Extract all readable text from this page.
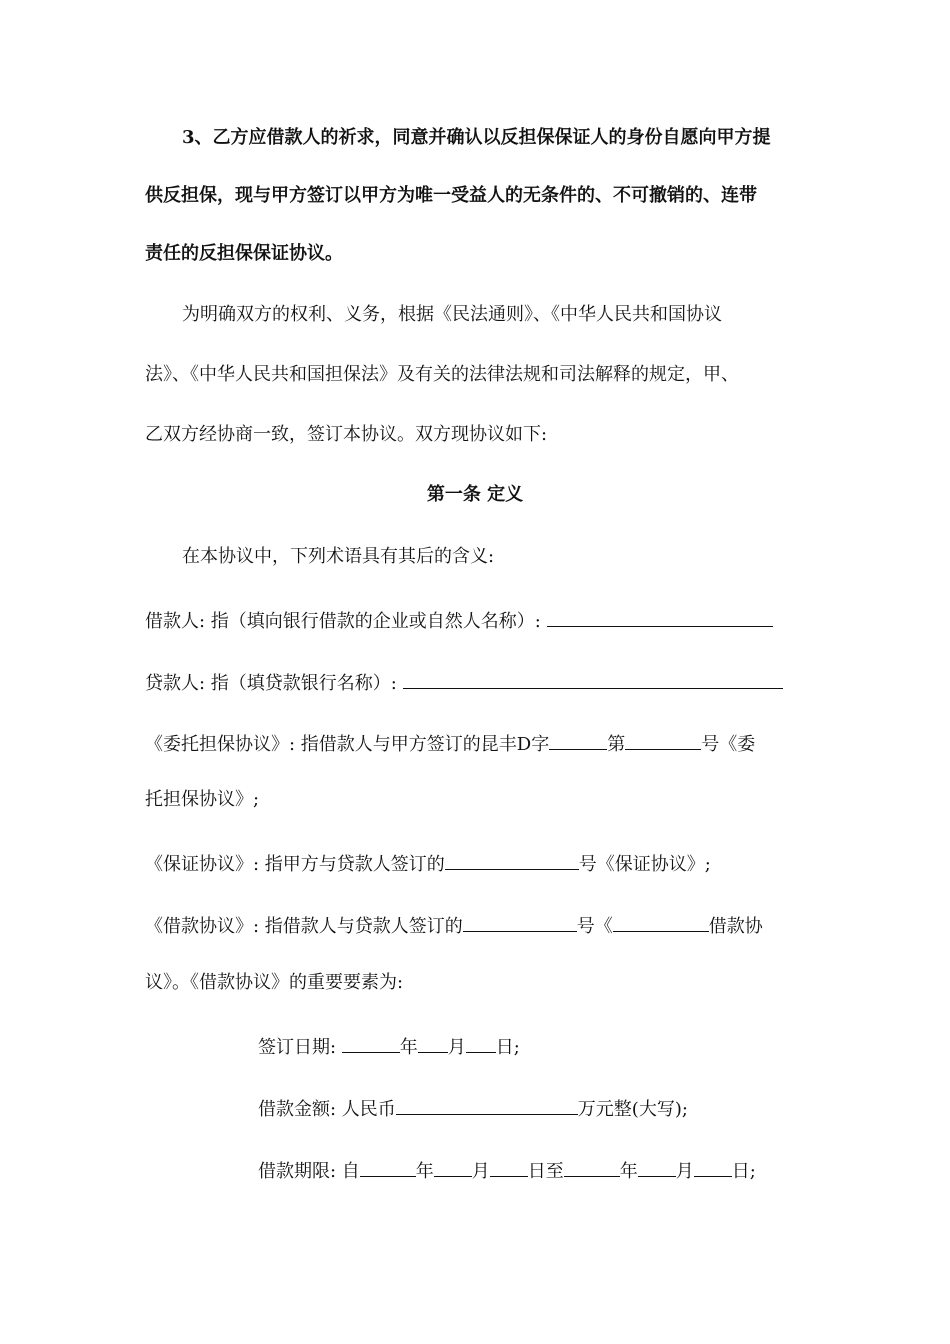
3、乙方应借款人的祈求，同意并确认以反担保保证人的身份自愿向甲方提
供反担保，现与甲方签订以甲方为唯一受益人的无条件的、不可撤销的、连带
责任的反担保保证协议。
为明确双方的权利、义务，根据《民法通则》、《中华人民共和国协议
法》、《中华人民共和国担保法》及有关的法律法规和司法解释的规定，甲、
乙双方经协商一致，签订本协议。双方现协议如下:
第一条 定义
在本协议中，下列术语具有其后的含义:
借款人: 指（填向银行借款的企业或自然人名称）:
贷款人: 指（填贷款银行名称）:
《委托担保协议》: 指借款人与甲方签订的昆丰D字	第	号《委
托担保协议》;
《保证协议》: 指甲方与贷款人签订的	号《保证协议》;
《借款协议》: 指借款人与贷款人签订的	号《	借款协
议》。《借款协议》的重要要素为:
签订日期:	年 月 日;
借款金额: 人民币	万元整(大写);
借款期限: 自	年 月 日至	年 月 日;
